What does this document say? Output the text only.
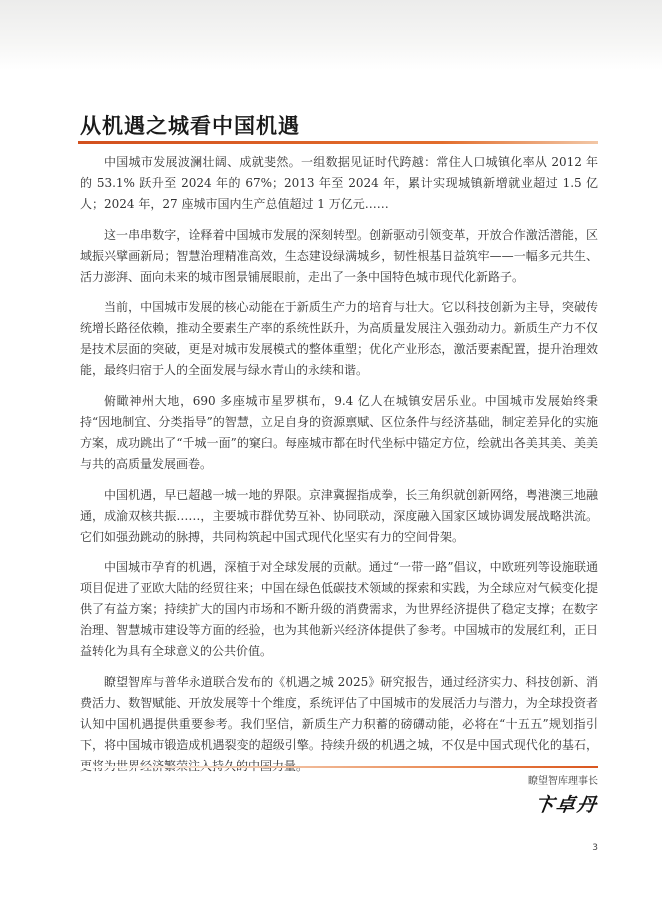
从机遇之城看中国机遇

中国城市发展波澜壮阔、成就斐然。一组数据见证时代跨越：常住人口城镇化率从 2012 年的 53.1% 跃升至 2024 年的 67%；2013 年至 2024 年，累计实现城镇新增就业超过 1.5 亿人；2024 年，27 座城市国内生产总值超过 1 万亿元……

这一串串数字，诠释着中国城市发展的深刻转型。创新驱动引领变革，开放合作激活潜能，区域振兴擘画新局；智慧治理精准高效，生态建设绿满城乡，韧性根基日益筑牢——一幅多元共生、活力澎湃、面向未来的城市图景铺展眼前，走出了一条中国特色城市现代化新路子。

当前，中国城市发展的核心动能在于新质生产力的培育与壮大。它以科技创新为主导，突破传统增长路径依赖，推动全要素生产率的系统性跃升，为高质量发展注入强劲动力。新质生产力不仅是技术层面的突破，更是对城市发展模式的整体重塑；优化产业形态，激活要素配置，提升治理效能，最终归宿于人的全面发展与绿水青山的永续和谐。

俯瞰神州大地，690 多座城市星罗棋布，9.4 亿人在城镇安居乐业。中国城市发展始终秉持“因地制宜、分类指导”的智慧，立足自身的资源禀赋、区位条件与经济基础，制定差异化的实施方案，成功跳出了“千城一面”的窠臼。每座城市都在时代坐标中锚定方位，绘就出各美其美、美美与共的高质量发展画卷。

中国机遇，早已超越一城一地的界限。京津冀握指成拳，长三角织就创新网络，粤港澳三地融通，成渝双核共振……，主要城市群优势互补、协同联动，深度融入国家区域协调发展战略洪流。它们如强劲跳动的脉搏，共同构筑起中国式现代化坚实有力的空间骨架。

中国城市孕育的机遇，深植于对全球发展的贡献。通过“一带一路”倡议，中欧班列等设施联通项目促进了亚欧大陆的经贸往来；中国在绿色低碳技术领域的探索和实践，为全球应对气候变化提供了有益方案；持续扩大的国内市场和不断升级的消费需求，为世界经济提供了稳定支撑；在数字治理、智慧城市建设等方面的经验，也为其他新兴经济体提供了参考。中国城市的发展红利，正日益转化为具有全球意义的公共价值。

瞭望智库与普华永道联合发布的《机遇之城 2025》研究报告，通过经济实力、科技创新、消费活力、数智赋能、开放发展等十个维度，系统评估了中国城市的发展活力与潜力，为全球投资者认知中国机遇提供重要参考。我们坚信，新质生产力积蓄的磅礴动能，必将在“十五五”规划指引下，将中国城市锻造成机遇裂变的超级引擎。持续升级的机遇之城，不仅是中国式现代化的基石，

瞭望智库理事长
卞卓丹
3
